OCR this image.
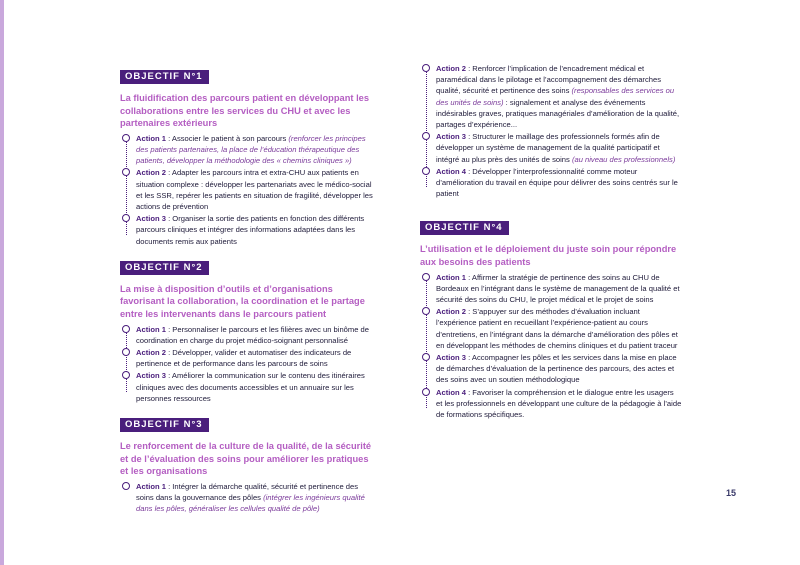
OBJECTIF N°1
La fluidification des parcours patient en développant les collaborations entre les services du CHU et avec les partenaires extérieurs
Action 1 : Associer le patient à son parcours (renforcer les principes des patients partenaires, la place de l’éducation thérapeutique des patients, développer la méthodologie des « chemins cliniques »)
Action 2 : Adapter les parcours intra et extra-CHU aux patients en situation complexe : développer les partenariats avec le médico-social et les SSR, repérer les patients en situation de fragilité, développer les actions de prévention
Action 3 : Organiser la sortie des patients en fonction des différents parcours cliniques et intégrer des informations adaptées dans les documents remis aux patients
OBJECTIF N°2
La mise à disposition d’outils et d’organisations favorisant la collaboration, la coordination et le partage entre les intervenants dans le parcours patient
Action 1 : Personnaliser le parcours et les filières avec un binôme de coordination en charge du projet médico-soignant personnalisé
Action 2 : Développer, valider et automatiser des indicateurs de pertinence et de performance dans les parcours de soins
Action 3 : Améliorer la communication sur le contenu des itinéraires cliniques avec des documents accessibles et un annuaire sur les personnes ressources
OBJECTIF N°3
Le renforcement de la culture de la qualité, de la sécurité et de l’évaluation des soins pour améliorer les pratiques et les organisations
Action 1 : Intégrer la démarche qualité, sécurité et pertinence des soins dans la gouvernance des pôles (intégrer les ingénieurs qualité dans les pôles, généraliser les cellules qualité de pôle)
Action 2 : Renforcer l’implication de l’encadrement médical et paramédical dans le pilotage et l’accompagnement des démarches qualité, sécurité et pertinence des soins (responsables des services ou des unités de soins) : signalement et analyse des événements indésirables graves, pratiques managériales d’amélioration de la qualité, partages d’expérience...
Action 3 : Structurer le maillage des professionnels formés afin de développer un système de management de la qualité participatif et intégré au plus près des unités de soins (au niveau des professionnels)
Action 4 : Développer l’interprofessionnalité comme moteur d’amélioration du travail en équipe pour délivrer des soins centrés sur le patient
OBJECTIF N°4
L’utilisation et le déploiement du juste soin pour répondre aux besoins des patients
Action 1 : Affirmer la stratégie de pertinence des soins au CHU de Bordeaux en l’intégrant dans le système de management de la qualité et sécurité des soins du CHU, le projet médical et le projet de soins
Action 2 : S’appuyer sur des méthodes d’évaluation incluant l’expérience patient en recueillant l’expérience-patient au cours d’entretiens, en l’intégrant dans la démarche d’amélioration des pôles et en développant les méthodes de chemins cliniques et du patient traceur
Action 3 : Accompagner les pôles et les services dans la mise en place de démarches d’évaluation de la pertinence des parcours, des actes et des soins avec un soutien méthodologique
Action 4 : Favoriser la compréhension et le dialogue entre les usagers et les professionnels en développant une culture de la pédagogie à l’aide de formations spécifiques.
15
